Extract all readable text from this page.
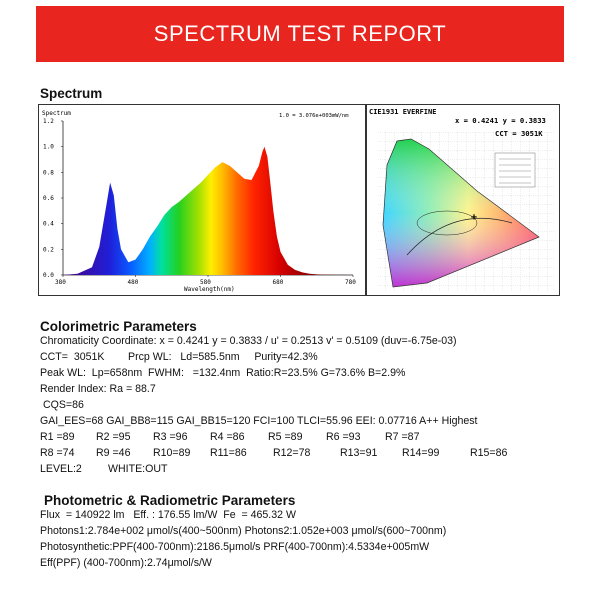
SPECTRUM TEST REPORT
Spectrum
Spectrum	1.0 = 3.076e+003mW/nm
Wavelength(nm)
0.0
0.2
0.4
0.6
0.8
1.0
1.2
380	480	580	680	780
+
CIE1931 EVERFINE
x = 0.4241 y = 0.3833
CCT = 3051K
Colorimetric Parameters
Chromaticity Coordinate: x = 0.4241 y = 0.3833 / u' = 0.2513 v' = 0.5109 (duv=-6.75e-03)
CCT=  3051K        Prcp WL:   Ld=585.5nm     Purity=42.3%
Peak WL:  Lp=658nm  FWHM:   =132.4nm  Ratio:R=23.5% G=73.6% B=2.9%
Render Index: Ra = 88.7
CQS=86
GAI_EES=68 GAI_BB8=115 GAI_BB15=120 FCI=100 TLCI=55.96 EEI: 0.07716 A++ Highest
R1 =89 R2 =95 R3 =96 R4 =86 R5 =89 R6 =93 R7 =87
R8 =74 R9 =46 R10=89 R11=86 R12=78	R13=91 R14=99	R15=86
LEVEL:2 WHITE:OUT
Photometric & Radiometric Parameters
Flux  = 140922 lm   Eff. : 176.55 lm/W  Fe  = 465.32 W
Photons1:2.784e+002 μmol/s(400~500nm) Photons2:1.052e+003 μmol/s(600~700nm)
Photosynthetic:PPF(400-700nm):2186.5μmol/s PRF(400-700nm):4.5334e+005mW
Eff(PPF) (400-700nm):2.74μmol/s/W
